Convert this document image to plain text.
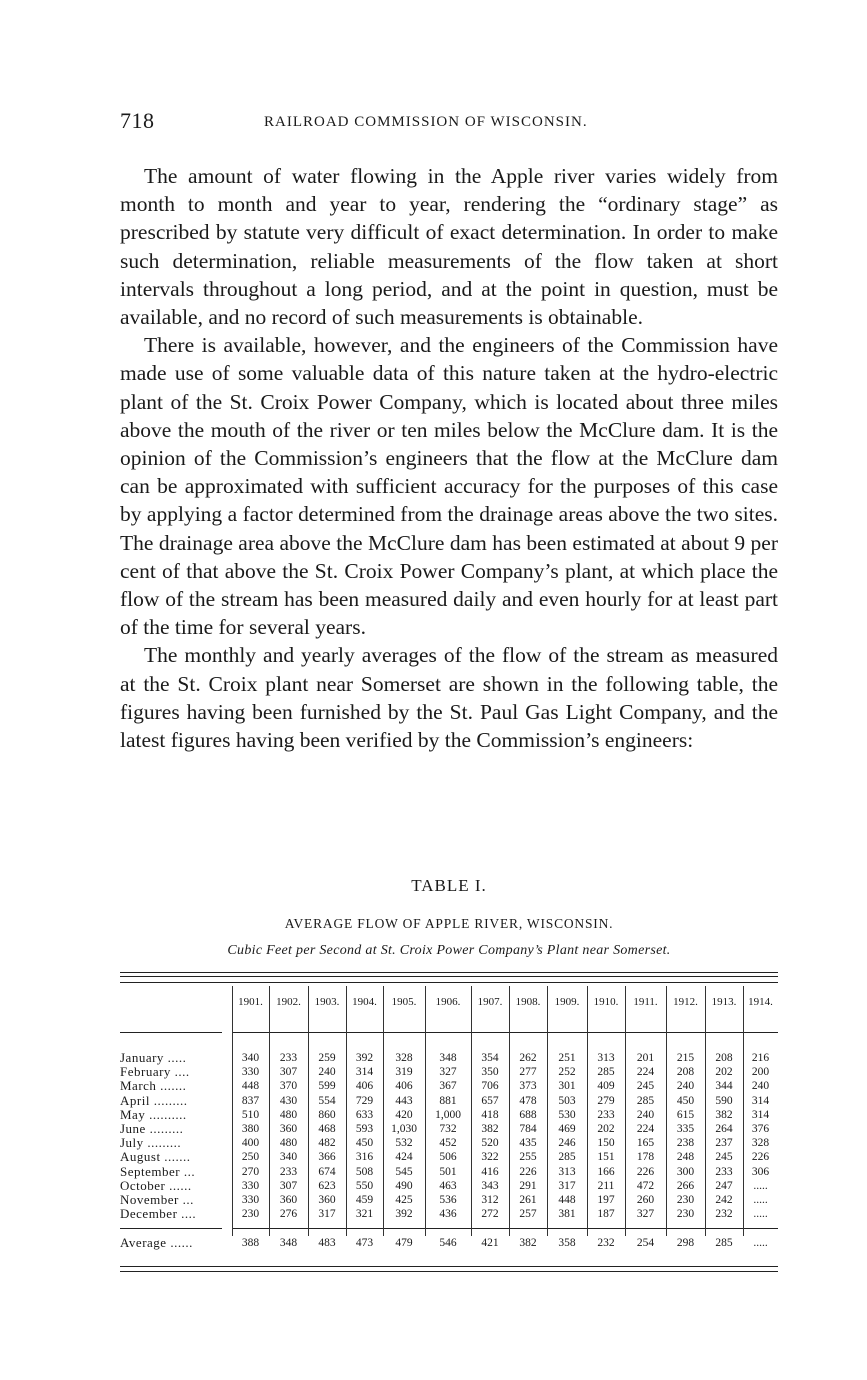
718	RAILROAD COMMISSION OF WISCONSIN.

The amount of water flowing in the Apple river varies widely from month to month and year to year, rendering the “ordinary stage” as prescribed by statute very difficult of exact determination. In order to make such determination, reliable measurements of the flow taken at short intervals throughout a long period, and at the point in question, must be available, and no record of such measurements is obtainable.

There is available, however, and the engineers of the Commission have made use of some valuable data of this nature taken at the hydro-electric plant of the St. Croix Power Company, which is located about three miles above the mouth of the river or ten miles below the McClure dam. It is the opinion of the Commission’s engineers that the flow at the McClure dam can be approximated with sufficient accuracy for the purposes of this case by applying a factor determined from the drainage areas above the two sites. The drainage area above the McClure dam has been estimated at about 9 per cent of that above the St. Croix Power Company’s plant, at which place the flow of the stream has been measured daily and even hourly for at least part of the time for several years.

The monthly and yearly averages of the flow of the stream as measured at the St. Croix plant near Somerset are shown in the following table, the figures having been furnished by the St. Paul Gas Light Company, and the latest figures having been verified by the Commission’s engineers:

TABLE I.
AVERAGE FLOW OF APPLE RIVER, WISCONSIN.
Cubic Feet per Second at St. Croix Power Company’s Plant near Somerset.
1901.	1902.	1903.	1904.	1905.	1906.	1907.	1908.	1909.	1910.	1911.	1912.	1913.	1914.
January .....	340	233	259	392	328	348	354	262	251	313	201	215	208	216
February ....	330	307	240	314	319	327	350	277	252	285	224	208	202	200
March .......	448	370	599	406	406	367	706	373	301	409	245	240	344	240
April .........	837	430	554	729	443	881	657	478	503	279	285	450	590	314
May ..........	510	480	860	633	420	1,000	418	688	530	233	240	615	382	314
June .........	380	360	468	593	1,030	732	382	784	469	202	224	335	264	376
July .........	400	480	482	450	532	452	520	435	246	150	165	238	237	328
August .......	250	340	366	316	424	506	322	255	285	151	178	248	245	226
September ...	270	233	674	508	545	501	416	226	313	166	226	300	233	306
October ......	330	307	623	550	490	463	343	291	317	211	472	266	247	.....
November ...	330	360	360	459	425	536	312	261	448	197	260	230	242	.....
December ....	230	276	317	321	392	436	272	257	381	187	327	230	232	.....
Average ......	388	348	483	473	479	546	421	382	358	232	254	298	285	.....
